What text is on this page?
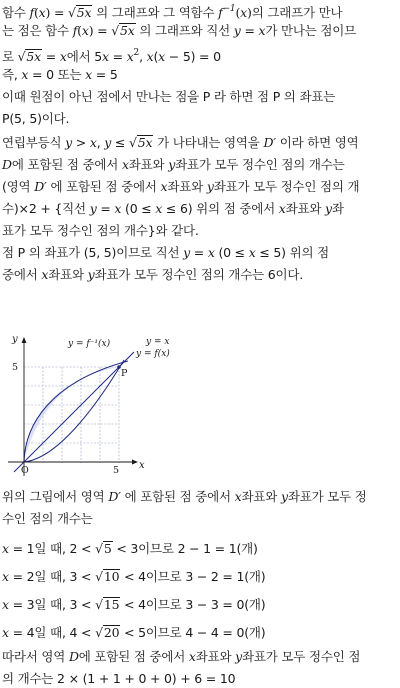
함수 f(x) = √5x 의 그래프와 그 역함수 $f^{-1}(x)$의 그래프가 만나
는 점은 함수 f(x) = √5x 의 그래프와 직선 y = x가 만나는 점이므
로 √5x = x에서 $5x = x^2$, x(x − 5) = 0
즉, x = 0 또는 x = 5
이때 원점이 아닌 점에서 만나는 점을 P 라 하면 점 P 의 좌표는
P(5, 5)이다.
연립부등식 y > x, y ≤ √5x 가 나타내는 영역을 D′ 이라 하면 영역
D에 포함된 점 중에서 x좌표와 y좌표가 모두 정수인 점의 개수는
(영역 D′ 에 포함된 점 중에서 x좌표와 y좌표가 모두 정수인 점의 개
수)×2 + {직선 y = x (0 ≤ x ≤ 6) 위의 점 중에서 x좌표와 y좌
표가 모두 정수인 점의 개수}와 같다.
점 P 의 좌표가 (5, 5)이므로 직선 y = x (0 ≤ x ≤ 5) 위의 점
중에서 x좌표와 y좌표가 모두 정수인 점의 개수는 6이다.
y
x
O	5
5
P
y = f⁻¹(x)	y = x
y = f(x)
위의 그림에서 영역 D′ 에 포함된 점 중에서 x좌표와 y좌표가 모두 정
수인 점의 개수는
x = 1일 때, 2 < √5 < 3이므로 2 − 1 = 1(개)
x = 2일 때, 3 < √10 < 4이므로 3 − 2 = 1(개)
x = 3일 때, 3 < √15 < 4이므로 3 − 3 = 0(개)
x = 4일 때, 4 < √20 < 5이므로 4 − 4 = 0(개)
따라서 영역 D에 포함된 점 중에서 x좌표와 y좌표가 모두 정수인 점
의 개수는 2 × (1 + 1 + 0 + 0) + 6 = 10
